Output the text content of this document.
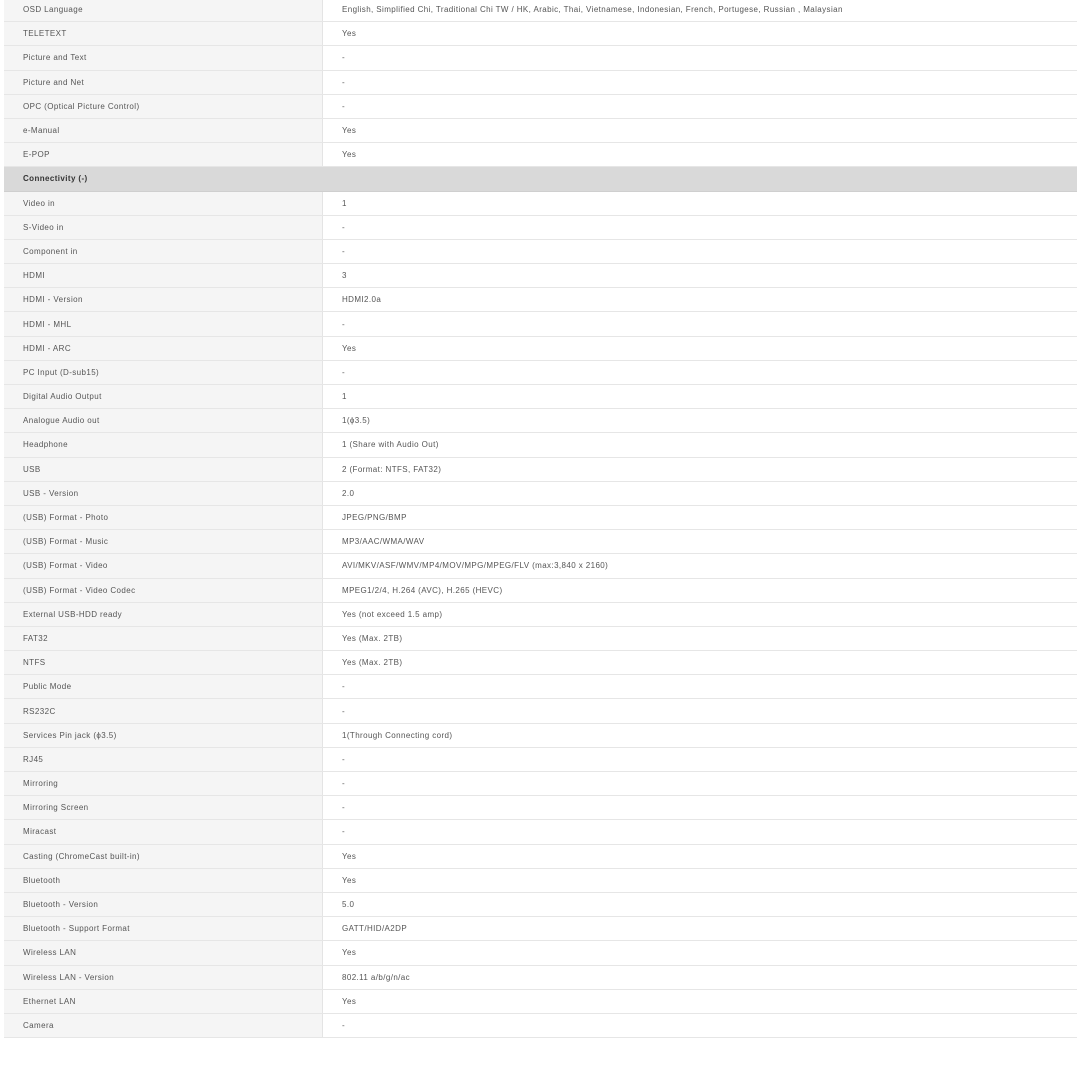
OSD Language	English, Simplified Chi, Traditional Chi TW / HK, Arabic, Thai, Vietnamese, Indonesian, French, Portugese, Russian , Malaysian
TELETEXT	Yes
Picture and Text	-
Picture and Net	-
OPC (Optical Picture Control)	-
e-Manual	Yes
E-POP	Yes
Connectivity (-)
Video in	1
S-Video in	-
Component in	-
HDMI	3
HDMI - Version	HDMI2.0a
HDMI - MHL	-
HDMI - ARC	Yes
PC Input (D-sub15)	-
Digital Audio Output	1
Analogue Audio out	1(ϕ3.5)
Headphone	1 (Share with Audio Out)
USB	2 (Format: NTFS, FAT32)
USB - Version	2.0
(USB) Format - Photo	JPEG/PNG/BMP
(USB) Format - Music	MP3/AAC/WMA/WAV
(USB) Format - Video	AVI/MKV/ASF/WMV/MP4/MOV/MPG/MPEG/FLV (max:3,840 x 2160)
(USB) Format - Video Codec	MPEG1/2/4, H.264 (AVC), H.265 (HEVC)
External USB-HDD ready	Yes (not exceed 1.5 amp)
FAT32	Yes (Max. 2TB)
NTFS	Yes (Max. 2TB)
Public Mode	-
RS232C	-
Services Pin jack (ϕ3.5)	1(Through Connecting cord)
RJ45	-
Mirroring	-
Mirroring Screen	-
Miracast	-
Casting (ChromeCast built-in)	Yes
Bluetooth	Yes
Bluetooth - Version	5.0
Bluetooth - Support Format	GATT/HID/A2DP
Wireless LAN	Yes
Wireless LAN - Version	802.11 a/b/g/n/ac
Ethernet LAN	Yes
Camera	-
